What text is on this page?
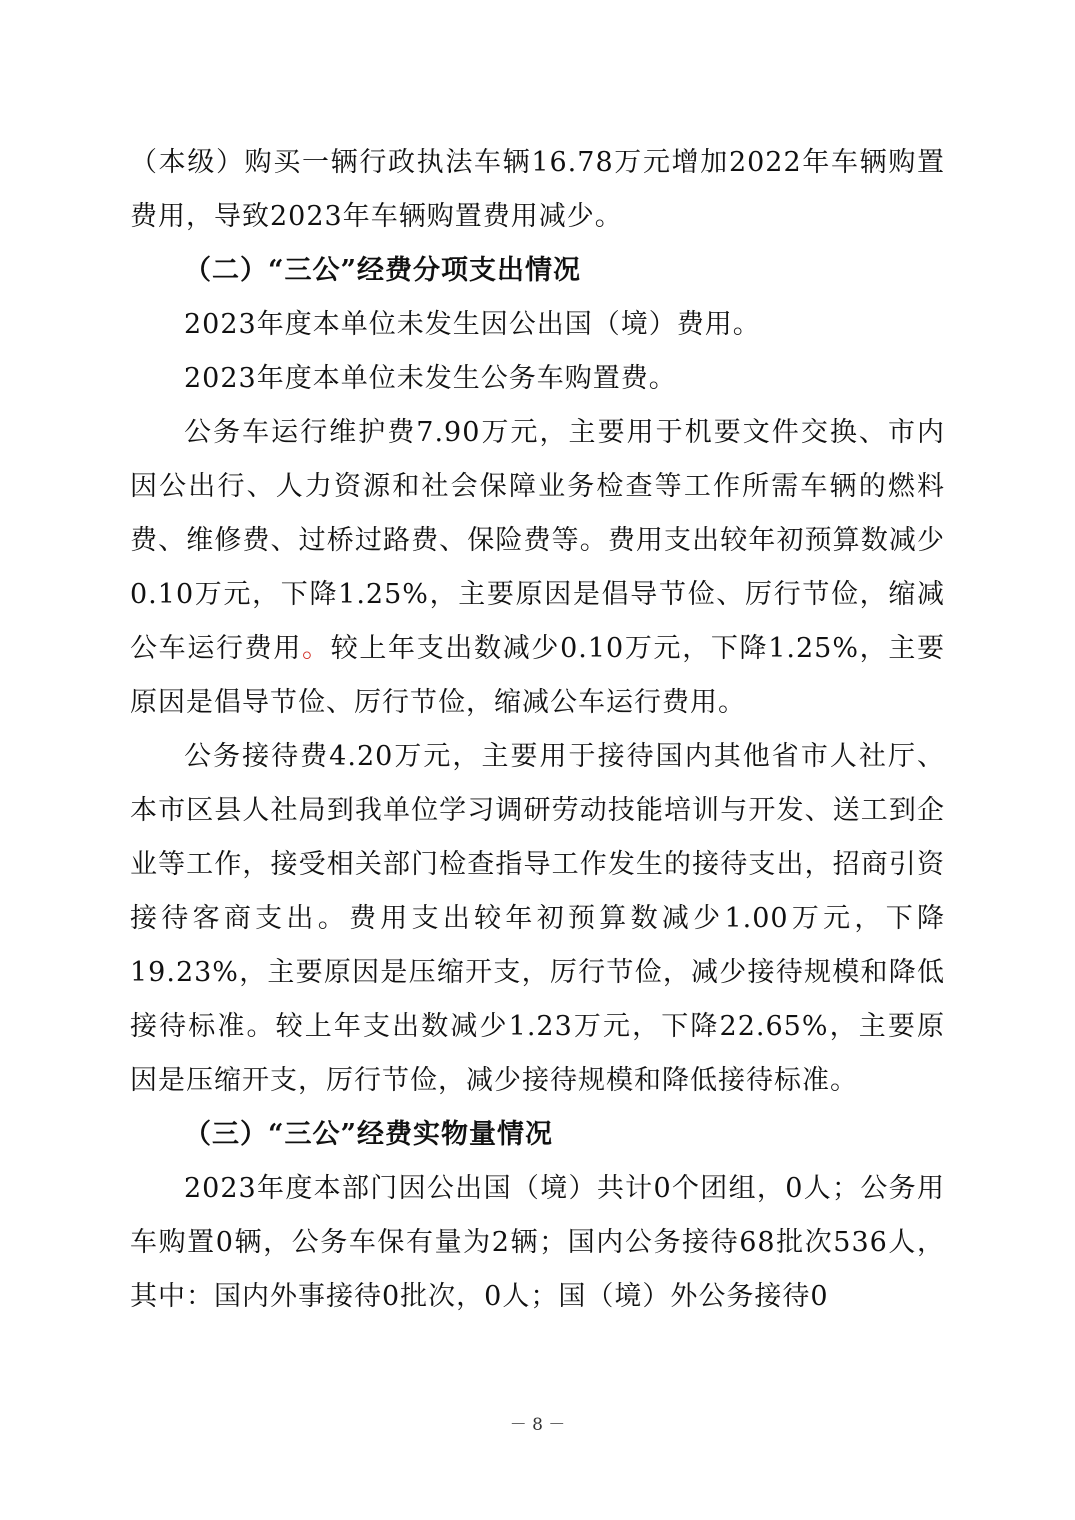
（本级）购买一辆行政执法车辆16.78万元增加2022年车辆购置费用，导致2023年车辆购置费用减少。

（二）“三公”经费分项支出情况

2023年度本单位未发生因公出国（境）费用。

2023年度本单位未发生公务车购置费。

公务车运行维护费7.90万元，主要用于机要文件交换、市内因公出行、人力资源和社会保障业务检查等工作所需车辆的燃料费、维修费、过桥过路费、保险费等。费用支出较年初预算数减少0.10万元，下降1.25%，主要原因是倡导节俭、厉行节俭，缩减公车运行费用。较上年支出数减少0.10万元，下降1.25%，主要原因是倡导节俭、厉行节俭，缩减公车运行费用。

公务接待费4.20万元，主要用于接待国内其他省市人社厅、本市区县人社局到我单位学习调研劳动技能培训与开发、送工到企业等工作，接受相关部门检查指导工作发生的接待支出，招商引资接待客商支出。费用支出较年初预算数减少1.00万元，下降19.23%，主要原因是压缩开支，厉行节俭，减少接待规模和降低接待标准。较上年支出数减少1.23万元，下降22.65%，主要原因是压缩开支，厉行节俭，减少接待规模和降低接待标准。

（三）“三公”经费实物量情况

2023年度本部门因公出国（境）共计0个团组，0人；公务用车购置0辆，公务车保有量为2辆；国内公务接待68批次536人，其中：国内外事接待0批次，0人；国（境）外公务接待0

－ 8 －
